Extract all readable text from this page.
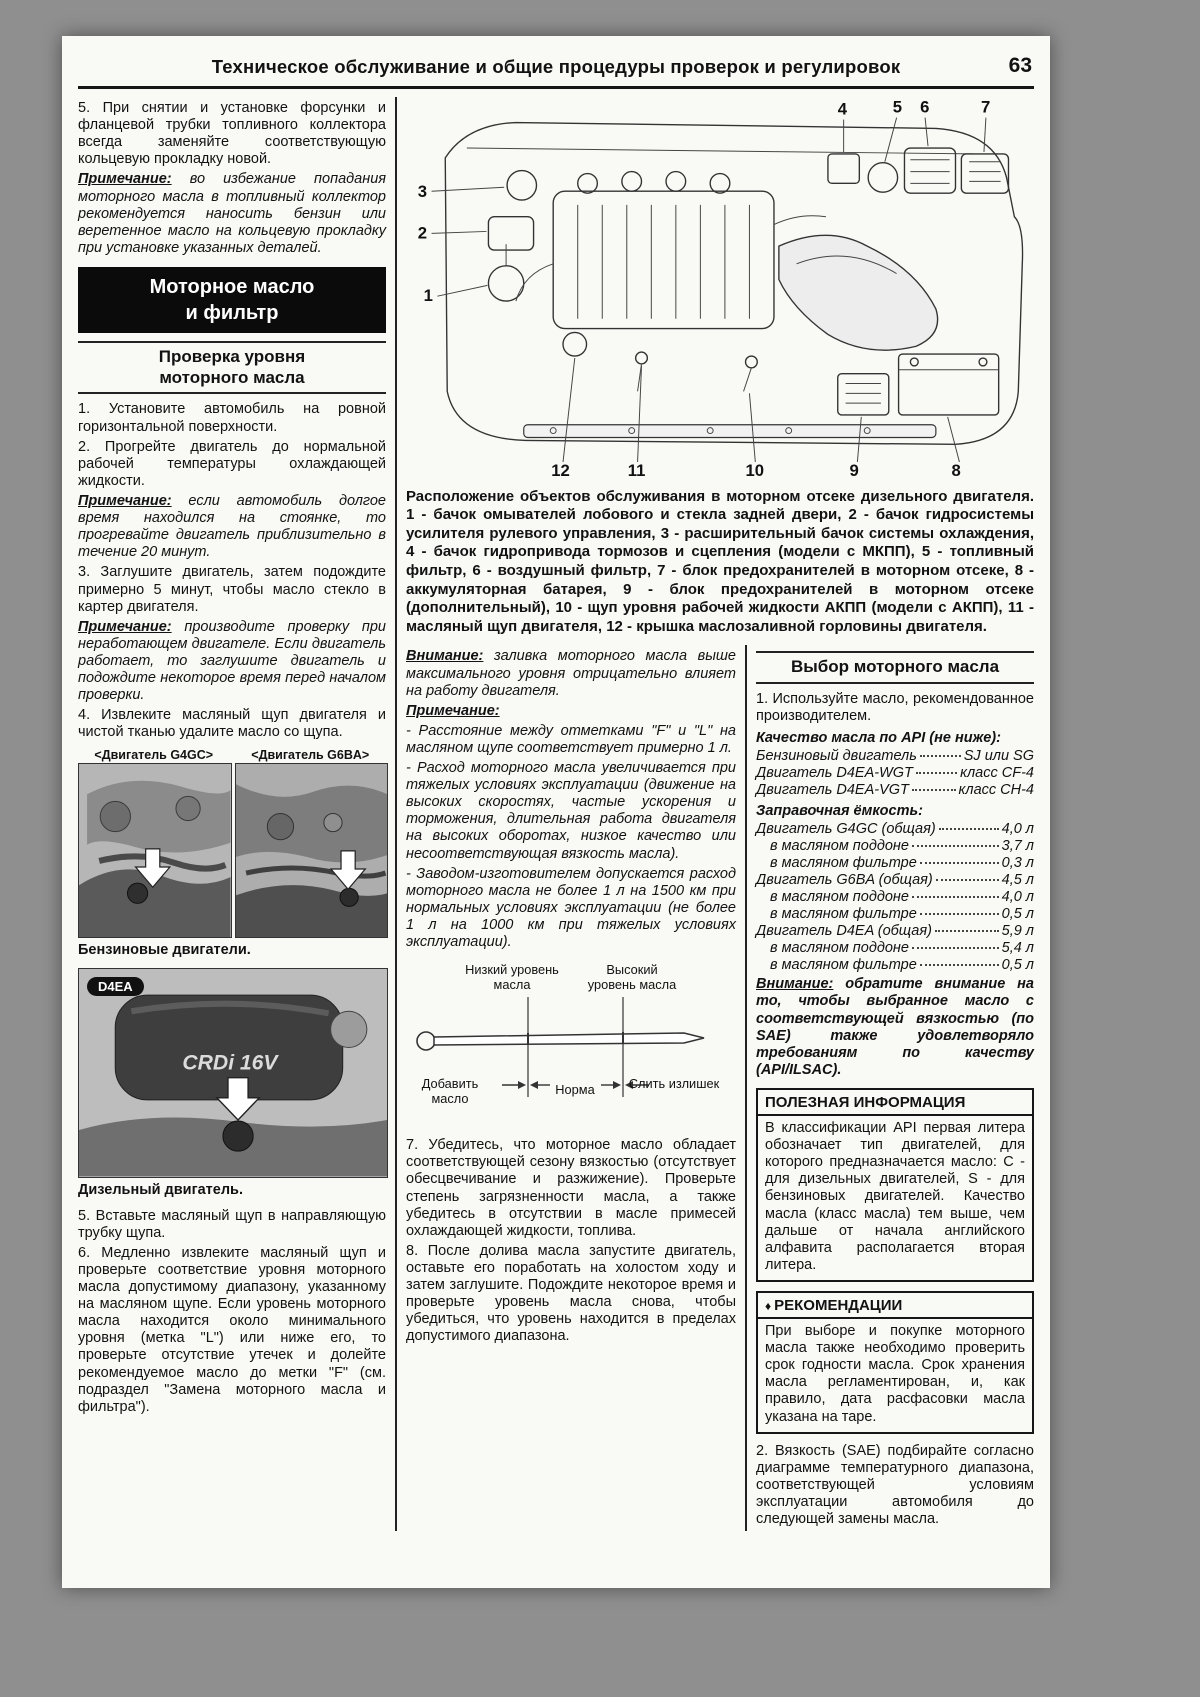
Техническое обслуживание и общие процедуры проверок и регулировок	63

5. При снятии и установке форсунки и фланцевой трубки топливного коллектора всегда заменяйте соответствующую кольцевую прокладку новой.

Примечание: во избежание попадания моторного масла в топливный коллектор рекомендуется наносить бензин или веретенное масло на кольцевую прокладку при установке указанных деталей.

Моторное масло
и фильтр
Проверка уровня
моторного масла

1. Установите автомобиль на ровной горизонтальной поверхности.

2. Прогрейте двигатель до нормальной рабочей температуры охлаждающей жидкости.

Примечание: если автомобиль долгое время находился на стоянке, то прогревайте двигатель приблизительно в течение 20 минут.

3. Заглушите двигатель, затем подождите примерно 5 минут, чтобы масло стекло в картер двигателя.

Примечание: производите проверку при неработающем двигателе. Если двигатель работает, то заглушите двигатель и подождите некоторое время перед началом проверки.

4. Извлеките масляный щуп двигателя и чистой тканью удалите масло со щупа.

<Двигатель G4GC>	<Двигатель G6BA>
Бензиновые двигатели.
CRDi 16V
D4EA
Дизельный двигатель.

5. Вставьте масляный щуп в направляющую трубку щупа.

6. Медленно извлеките масляный щуп и проверьте соответствие уровня моторного масла допустимому диапазону, указанному на масляном щупе. Если уровень моторного масла находится около минимального уровня (метка "L") или ниже его, то проверьте отсутствие утечек и долейте рекомендуемое масло до метки "F" (см. подраздел "Замена моторного масла и фильтра").

3
2
1
4	5 6	7
12	11	10	9	8
Расположение объектов обслуживания в моторном отсеке дизельного двигателя. 1 - бачок омывателей лобового и стекла задней двери, 2 - бачок гидросистемы усилителя рулевого управления, 3 - расширительный бачок системы охлаждения, 4 - бачок гидропривода тормозов и сцепления (модели с МКПП), 5 - топливный фильтр, 6 - воздушный фильтр, 7 - блок предохранителей в моторном отсеке, 8 - аккумуляторная батарея, 9 - блок предохранителей в моторном отсеке (дополнительный), 10 - щуп уровня рабочей жидкости АКПП (модели с АКПП), 11 - масляный щуп двигателя, 12 - крышка маслозаливной горловины двигателя.

Внимание: заливка моторного масла выше максимального уровня отрицательно влияет на работу двигателя.

Примечание:

- Расстояние между отметками "F" и "L" на масляном щупе соответствует примерно 1 л.

- Расход моторного масла увеличивается при тяжелых условиях эксплуатации (движение на высоких скоростях, частые ускорения и торможения, длительная работа двигателя на высоких оборотах, низкое качество или несоответствующая вязкость масла).

- Заводом-изготовителем допускается расход моторного масла не более 1 л на 1500 км при нормальных условиях эксплуатации (не более 1 л на 1000 км при тяжелых условиях эксплуатации).

Низкий уровень масла
Высокий уровень масла
Добавить масло
Норма	Слить излишек

7. Убедитесь, что моторное масло обладает соответствующей сезону вязкостью (отсутствует обесцвечивание и разжижение). Проверьте степень загрязненности масла, а также убедитесь в отсутствии в масле примесей охлаждающей жидкости, топлива.

8. После долива масла запустите двигатель, оставьте его поработать на холостом ходу и затем заглушите. Подождите некоторое время и проверьте уровень масла снова, чтобы убедиться, что уровень находится в пределах допустимого диапазона.

Выбор моторного масла

1. Используйте масло, рекомендованное производителем.

Качество масла по API (не ниже):
Бензиновый двигатель	SJ или SG
Двигатель D4EA-WGT	класс CF-4
Двигатель D4EA-VGT	класс CH-4
Заправочная ёмкость:
Двигатель G4GC (общая)	4,0 л
в масляном поддоне	3,7 л
в масляном фильтре	0,3 л
Двигатель G6BA (общая)	4,5 л
в масляном поддоне	4,0 л
в масляном фильтре	0,5 л
Двигатель D4EA (общая)	5,9 л
в масляном поддоне	5,4 л
в масляном фильтре	0,5 л

Внимание: обратите внимание на то, чтобы выбранное масло с соответствующей вязкостью (по SAE) также удовлетворяло требованиям по качеству (API/ILSAC).

ПОЛЕЗНАЯ ИНФОРМАЦИЯ

В классификации API первая литера обозначает тип двигателей, для которого предназначается масло: C - для дизельных двигателей, S - для бензиновых двигателей. Качество масла (класс масла) тем выше, чем дальше от начала английского алфавита располагается вторая литера.

♦ РЕКОМЕНДАЦИИ

При выборе и покупке моторного масла также необходимо проверить срок годности масла. Срок хранения масла регламентирован, и, как правило, дата расфасовки масла указана на таре.

2. Вязкость (SAE) подбирайте согласно диаграмме температурного диапазона, соответствующей условиям эксплуатации автомобиля до следующей замены масла.
